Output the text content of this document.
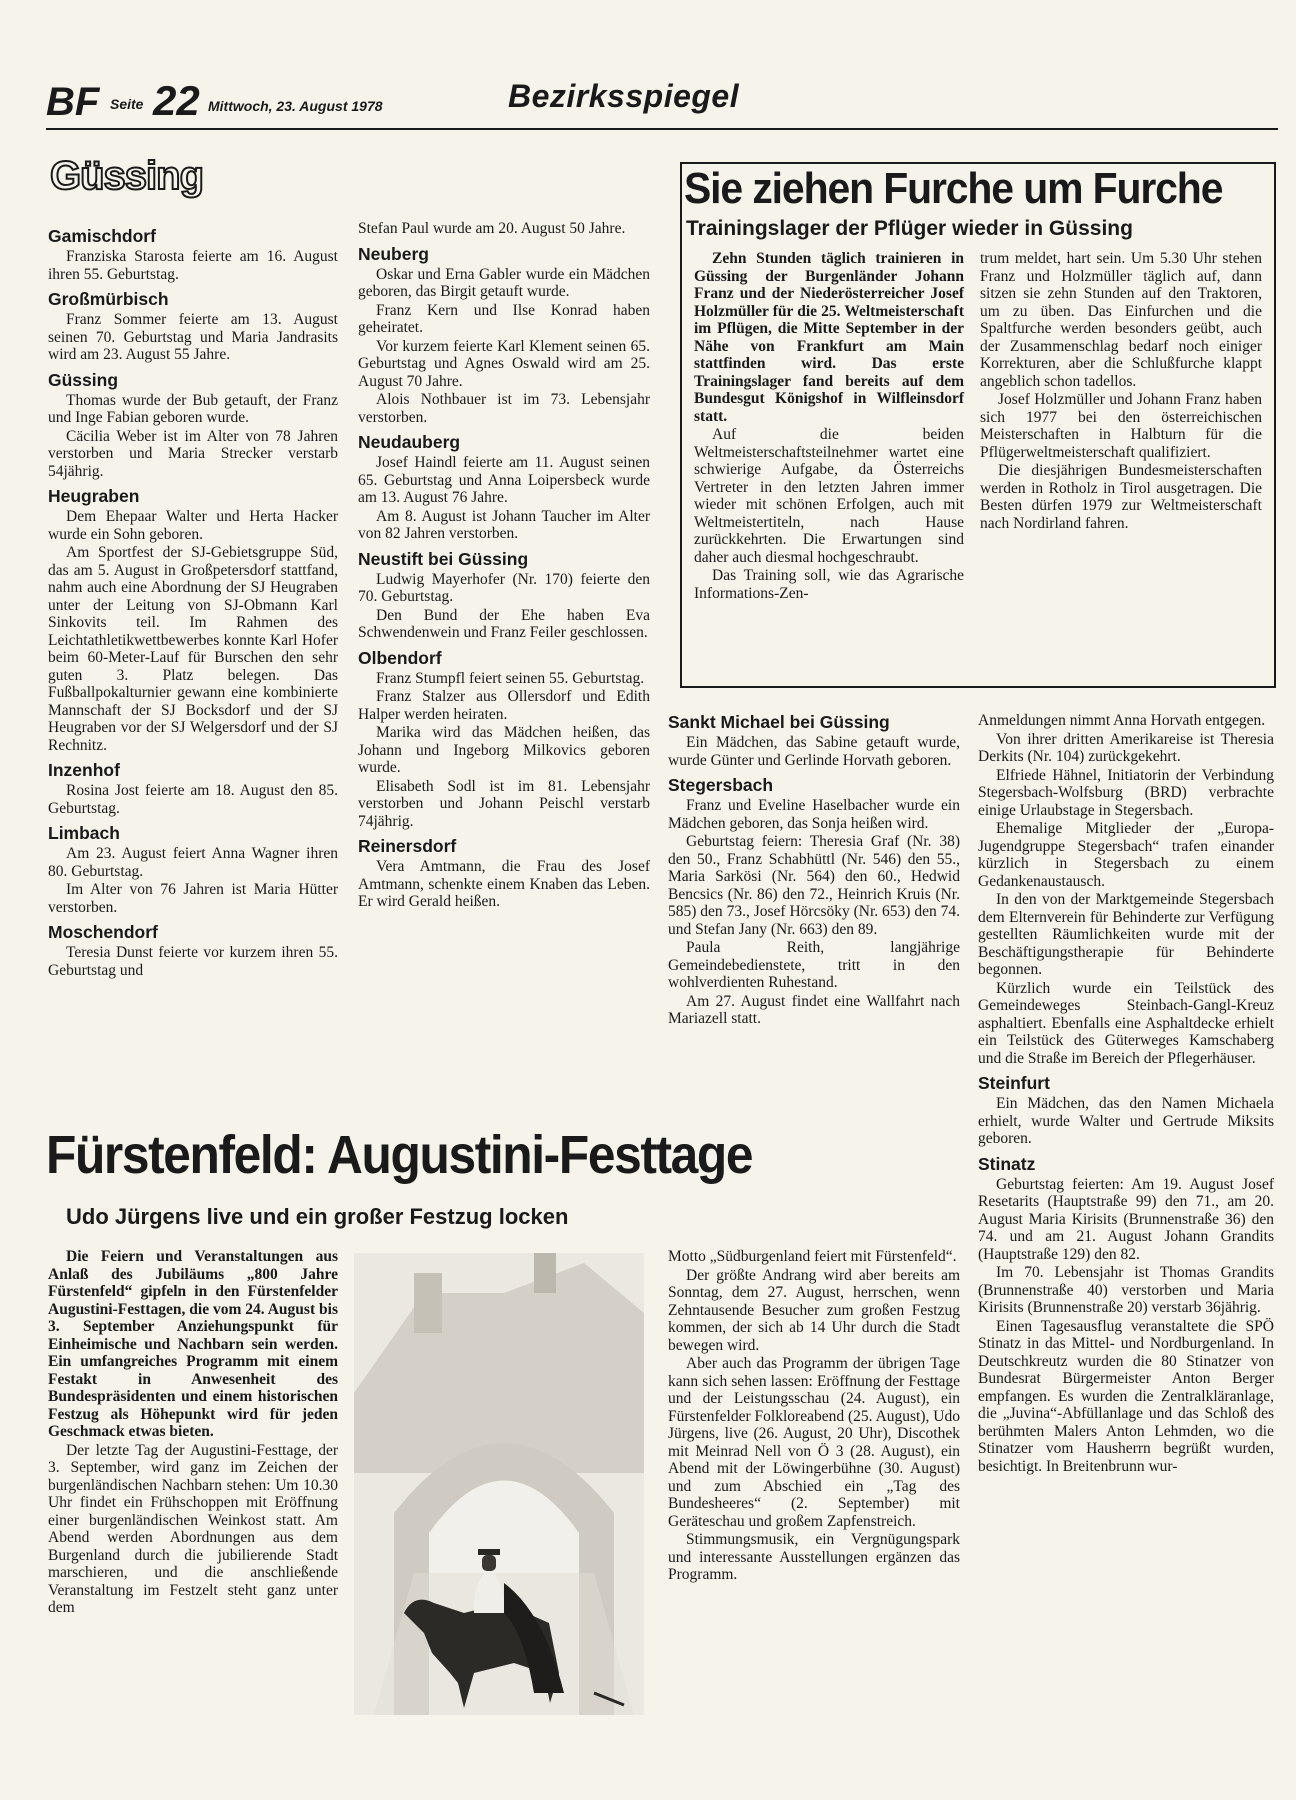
BF Seite 22 Mittwoch, 23. August 1978	Bezirksspiegel
Güssing
Gamischdorf

Franziska Starosta feierte am 16. August ihren 55. Geburtstag.

Großmürbisch

Franz Sommer feierte am 13. August seinen 70. Geburtstag und Maria Jandrasits wird am 23. August 55 Jahre.

Güssing

Thomas wurde der Bub getauft, der Franz und Inge Fabian geboren wurde.

Cäcilia Weber ist im Alter von 78 Jahren verstorben und Maria Strecker verstarb 54jährig.

Heugraben

Dem Ehepaar Walter und Herta Hacker wurde ein Sohn geboren.

Am Sportfest der SJ-Gebietsgruppe Süd, das am 5. August in Großpetersdorf stattfand, nahm auch eine Abordnung der SJ Heugraben unter der Leitung von SJ-Obmann Karl Sinkovits teil. Im Rahmen des Leichtathletikwettbewerbes konnte Karl Hofer beim 60-Meter-Lauf für Burschen den sehr guten 3. Platz belegen. Das Fußballpokalturnier gewann eine kombinierte Mannschaft der SJ Bocksdorf und der SJ Heugraben vor der SJ Welgersdorf und der SJ Rechnitz.

Inzenhof

Rosina Jost feierte am 18. August den 85. Geburtstag.

Limbach

Am 23. August feiert Anna Wagner ihren 80. Geburtstag.

Im Alter von 76 Jahren ist Maria Hütter verstorben.

Moschendorf

Teresia Dunst feierte vor kurzem ihren 55. Geburtstag und

Stefan Paul wurde am 20. August 50 Jahre.

Neuberg

Oskar und Erna Gabler wurde ein Mädchen geboren, das Birgit getauft wurde.

Franz Kern und Ilse Konrad haben geheiratet.

Vor kurzem feierte Karl Klement seinen 65. Geburtstag und Agnes Oswald wird am 25. August 70 Jahre.

Alois Nothbauer ist im 73. Lebensjahr verstorben.

Neudauberg

Josef Haindl feierte am 11. August seinen 65. Geburtstag und Anna Loipersbeck wurde am 13. August 76 Jahre.

Am 8. August ist Johann Taucher im Alter von 82 Jahren verstorben.

Neustift bei Güssing

Ludwig Mayerhofer (Nr. 170) feierte den 70. Geburtstag.

Den Bund der Ehe haben Eva Schwendenwein und Franz Feiler geschlossen.

Olbendorf

Franz Stumpfl feiert seinen 55. Geburtstag.

Franz Stalzer aus Ollersdorf und Edith Halper werden heiraten.

Marika wird das Mädchen heißen, das Johann und Ingeborg Milkovics geboren wurde.

Elisabeth Sodl ist im 81. Lebensjahr verstorben und Johann Peischl verstarb 74jährig.

Reinersdorf

Vera Amtmann, die Frau des Josef Amtmann, schenkte einem Knaben das Leben. Er wird Gerald heißen.

Sie ziehen Furche um Furche
Trainingslager der Pflüger wieder in Güssing

Zehn Stunden täglich trainieren in Güssing der Burgenländer Johann Franz und der Niederösterreicher Josef Holzmüller für die 25. Weltmeisterschaft im Pflügen, die Mitte September in der Nähe von Frankfurt am Main stattfinden wird. Das erste Trainingslager fand bereits auf dem Bundesgut Königshof in Wilfleinsdorf statt.

Auf die beiden Weltmeisterschaftsteilnehmer wartet eine schwierige Aufgabe, da Österreichs Vertreter in den letzten Jahren immer wieder mit schönen Erfolgen, auch mit Weltmeistertiteln, nach Hause zurückkehrten. Die Erwartungen sind daher auch diesmal hochgeschraubt.

Das Training soll, wie das Agrarische Informations-Zen-

trum meldet, hart sein. Um 5.30 Uhr stehen Franz und Holzmüller täglich auf, dann sitzen sie zehn Stunden auf den Traktoren, um zu üben. Das Einfurchen und die Spaltfurche werden besonders geübt, auch der Zusammenschlag bedarf noch einiger Korrekturen, aber die Schlußfurche klappt angeblich schon tadellos.

Josef Holzmüller und Johann Franz haben sich 1977 bei den österreichischen Meisterschaften in Halbturn für die Pflügerweltmeisterschaft qualifiziert.

Die diesjährigen Bundesmeisterschaften werden in Rotholz in Tirol ausgetragen. Die Besten dürfen 1979 zur Weltmeisterschaft nach Nordirland fahren.

Sankt Michael bei Güssing

Ein Mädchen, das Sabine getauft wurde, wurde Günter und Gerlinde Horvath geboren.

Stegersbach

Franz und Eveline Haselbacher wurde ein Mädchen geboren, das Sonja heißen wird.

Geburtstag feiern: Theresia Graf (Nr. 38) den 50., Franz Schabhüttl (Nr. 546) den 55., Maria Sarkösi (Nr. 564) den 60., Hedwid Bencsics (Nr. 86) den 72., Heinrich Kruis (Nr. 585) den 73., Josef Hörcsöky (Nr. 653) den 74. und Stefan Jany (Nr. 663) den 89.

Paula Reith, langjährige Gemeindebedienstete, tritt in den wohlverdienten Ruhestand.

Am 27. August findet eine Wallfahrt nach Mariazell statt.

Anmeldungen nimmt Anna Horvath entgegen.

Von ihrer dritten Amerikareise ist Theresia Derkits (Nr. 104) zurückgekehrt.

Elfriede Hähnel, Initiatorin der Verbindung Stegersbach-Wolfsburg (BRD) verbrachte einige Urlaubstage in Stegersbach.

Ehemalige Mitglieder der „Europa-Jugendgruppe Stegersbach“ trafen einander kürzlich in Stegersbach zu einem Gedankenaustausch.

In den von der Marktgemeinde Stegersbach dem Elternverein für Behinderte zur Verfügung gestellten Räumlichkeiten wurde mit der Beschäftigungstherapie für Behinderte begonnen.

Kürzlich wurde ein Teilstück des Gemeindeweges Steinbach-Gangl-Kreuz asphaltiert. Ebenfalls eine Asphaltdecke erhielt ein Teilstück des Güterweges Kamschaberg und die Straße im Bereich der Pflegerhäuser.

Steinfurt

Ein Mädchen, das den Namen Michaela erhielt, wurde Walter und Gertrude Miksits geboren.

Stinatz

Geburtstag feierten: Am 19. August Josef Resetarits (Hauptstraße 99) den 71., am 20. August Maria Kirisits (Brunnenstraße 36) den 74. und am 21. August Johann Grandits (Hauptstraße 129) den 82.

Im 70. Lebensjahr ist Thomas Grandits (Brunnenstraße 40) verstorben und Maria Kirisits (Brunnenstraße 20) verstarb 36jährig.

Einen Tagesausflug veranstaltete die SPÖ Stinatz in das Mittel- und Nordburgenland. In Deutschkreutz wurden die 80 Stinatzer von Bundesrat Bürgermeister Anton Berger empfangen. Es wurden die Zentralkläranlage, die „Juvina“-Abfüllanlage und das Schloß des berühmten Malers Anton Lehmden, wo die Stinatzer vom Hausherrn begrüßt wurden, besichtigt. In Breitenbrunn wur-

Fürstenfeld: Augustini-Festtage
Udo Jürgens live und ein großer Festzug locken

Die Feiern und Veranstaltungen aus Anlaß des Jubiläums „800 Jahre Fürstenfeld“ gipfeln in den Fürstenfelder Augustini-Festtagen, die vom 24. August bis 3. September Anziehungspunkt für Einheimische und Nachbarn sein werden. Ein umfangreiches Programm mit einem Festakt in Anwesenheit des Bundespräsidenten und einem historischen Festzug als Höhepunkt wird für jeden Geschmack etwas bieten.

Der letzte Tag der Augustini-Festtage, der 3. September, wird ganz im Zeichen der burgenländischen Nachbarn stehen: Um 10.30 Uhr findet ein Frühschoppen mit Eröffnung einer burgenländischen Weinkost statt. Am Abend werden Abordnungen aus dem Burgenland durch die jubilierende Stadt marschieren, und die anschließende Veranstaltung im Festzelt steht ganz unter dem

Motto „Südburgenland feiert mit Fürstenfeld“.

Der größte Andrang wird aber bereits am Sonntag, dem 27. August, herrschen, wenn Zehntausende Besucher zum großen Festzug kommen, der sich ab 14 Uhr durch die Stadt bewegen wird.

Aber auch das Programm der übrigen Tage kann sich sehen lassen: Eröffnung der Festtage und der Leistungsschau (24. August), ein Fürstenfelder Folkloreabend (25. August), Udo Jürgens, live (26. August, 20 Uhr), Discothek mit Meinrad Nell von Ö 3 (28. August), ein Abend mit der Löwingerbühne (30. August) und zum Abschied ein „Tag des Bundesheeres“ (2. September) mit Geräteschau und großem Zapfenstreich.

Stimmungsmusik, ein Vergnügungspark und interessante Ausstellungen ergänzen das Programm.
